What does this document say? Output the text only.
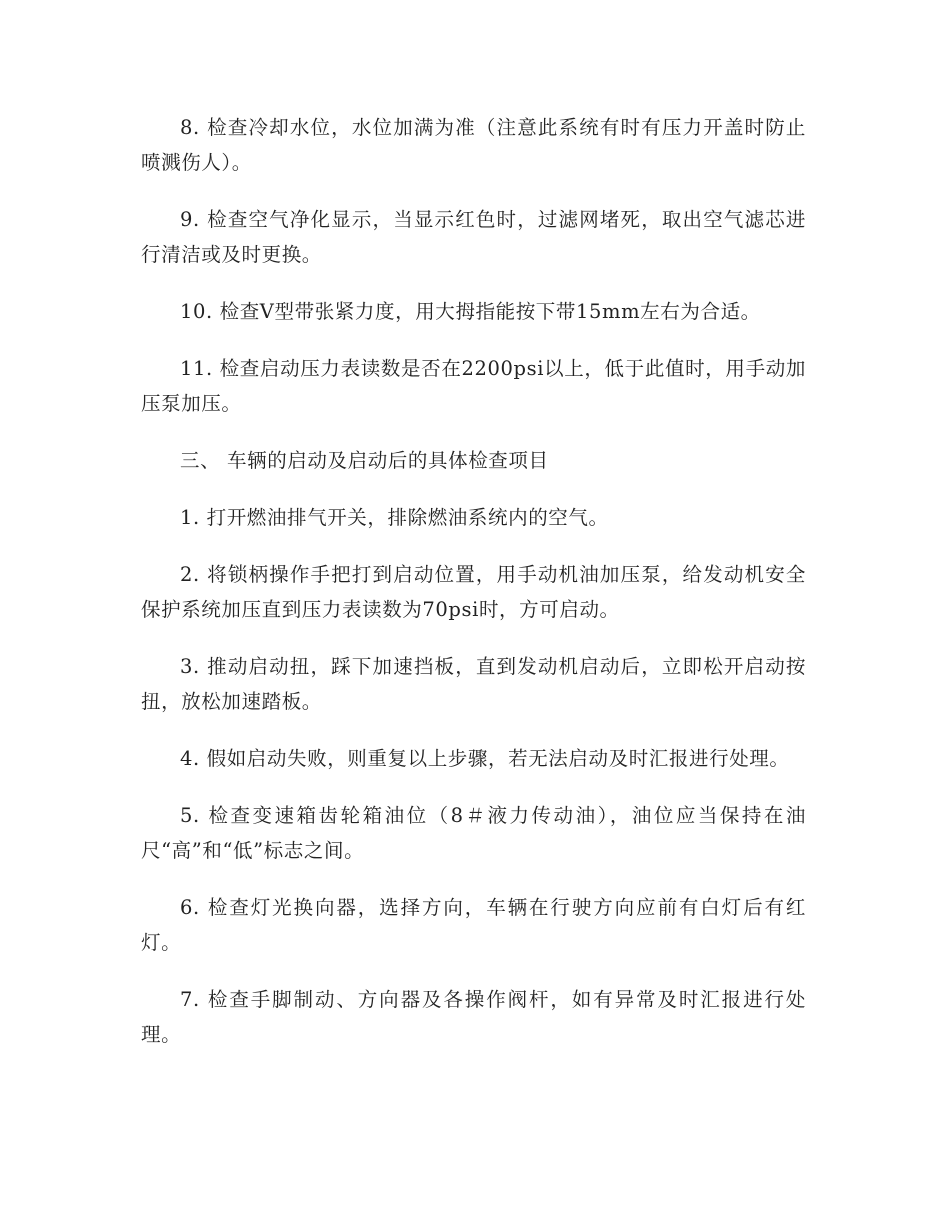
8. 检查冷却水位，水位加满为准（注意此系统有时有压力开盖时防止喷溅伤人）。

9. 检查空气净化显示，当显示红色时，过滤网堵死，取出空气滤芯进行清洁或及时更换。

10. 检查V型带张紧力度，用大拇指能按下带15mm左右为合适。

11. 检查启动压力表读数是否在2200psi以上，低于此值时，用手动加压泵加压。

三、 车辆的启动及启动后的具体检查项目

1. 打开燃油排气开关，排除燃油系统内的空气。

2. 将锁柄操作手把打到启动位置，用手动机油加压泵，给发动机安全保护系统加压直到压力表读数为70psi时，方可启动。

3. 推动启动扭，踩下加速挡板，直到发动机启动后，立即松开启动按扭，放松加速踏板。

4. 假如启动失败，则重复以上步骤，若无法启动及时汇报进行处理。

5. 检查变速箱齿轮箱油位（8＃液力传动油），油位应当保持在油尺“高”和“低”标志之间。

6. 检查灯光换向器，选择方向，车辆在行驶方向应前有白灯后有红灯。

7. 检查手脚制动、方向器及各操作阀杆，如有异常及时汇报进行处理。
